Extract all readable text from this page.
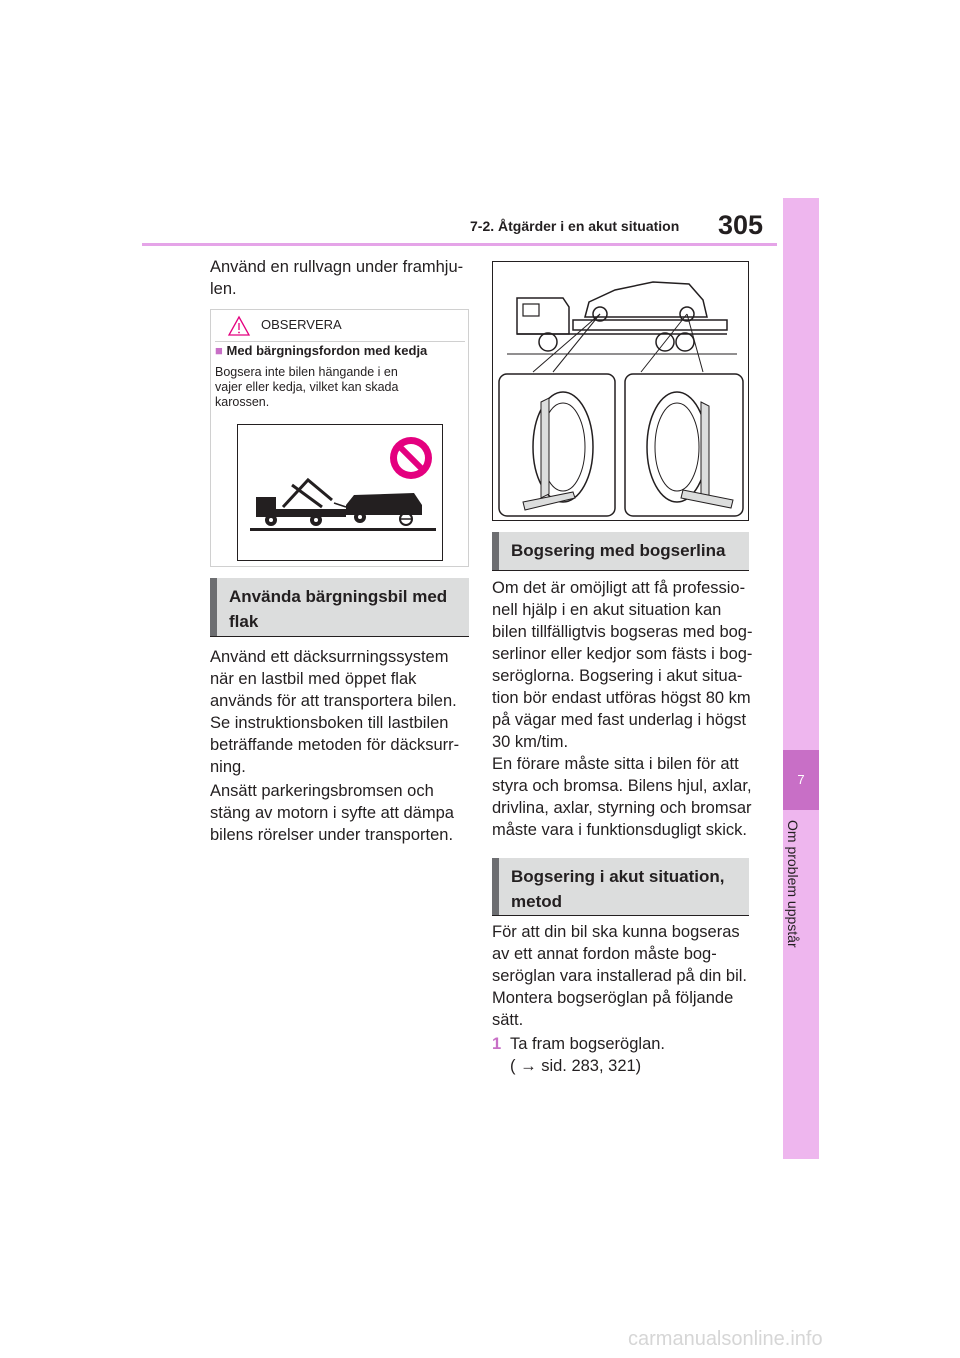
7-2. Åtgärder i en akut situation 305
7
Om problem uppstår
Använd en rullvagn under framhju-
len.
OBSERVERA
■ Med bärgningsfordon med kedja
Bogsera inte bilen hängande i en
vajer eller kedja, vilket kan skada
karossen.
Använda bärgningsbil med
flak
Använd ett däcksurrningssystem
när en lastbil med öppet flak
används för att transportera bilen.
Se instruktionsboken till lastbilen
beträffande metoden för däcksurr-
ning.
Ansätt parkeringsbromsen och
stäng av motorn i syfte att dämpa
bilens rörelser under transporten.
Bogsering med bogserlina
Om det är omöjligt att få professio-
nell hjälp i en akut situation kan
bilen tillfälligtvis bogseras med bog-
serlinor eller kedjor som fästs i bog-
seröglorna. Bogsering i akut situa-
tion bör endast utföras högst 80 km
på vägar med fast underlag i högst
30 km/tim.
En förare måste sitta i bilen för att
styra och bromsa. Bilens hjul, axlar,
drivlina, axlar, styrning och bromsar
måste vara i funktionsdugligt skick.
Bogsering i akut situation,
metod
För att din bil ska kunna bogseras
av ett annat fordon måste bog-
seröglan vara installerad på din bil.
Montera bogseröglan på följande
sätt.
1 Ta fram bogseröglan.
( → sid. 283, 321)
carmanualsonline.info
